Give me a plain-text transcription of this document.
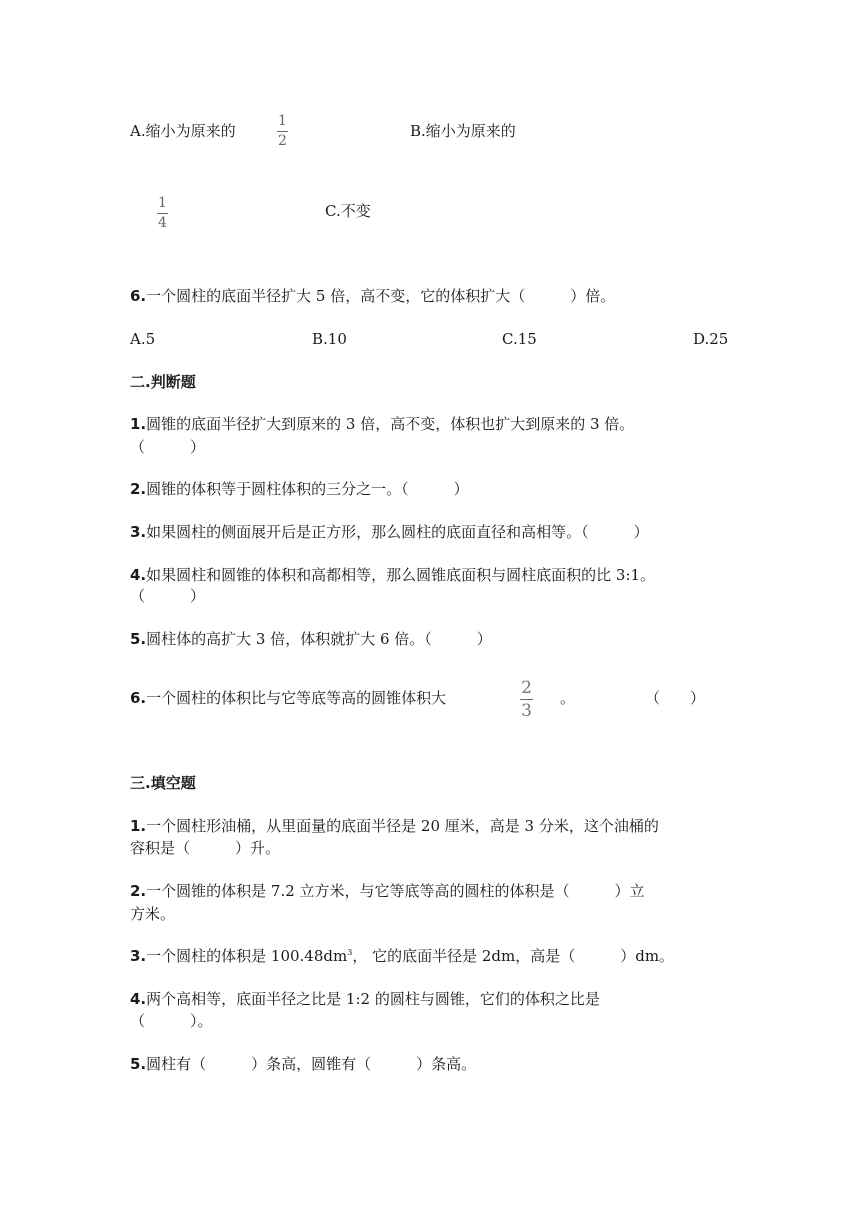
A.缩小为原来的
1
2
B.缩小为原来的
1
4
C.不变
6.一个圆柱的底面半径扩大 5 倍，高不变，它的体积扩大（　　　）倍。
A.5	B.10	C.15	D.25
二.判断题
1.圆锥的底面半径扩大到原来的 3 倍，高不变，体积也扩大到原来的 3 倍。
（　　　）
2.圆锥的体积等于圆柱体积的三分之一。（　　　）
3.如果圆柱的侧面展开后是正方形，那么圆柱的底面直径和高相等。（　　　）
4.如果圆柱和圆锥的体积和高都相等，那么圆锥底面积与圆柱底面积的比 3:1。
（　　　）
5.圆柱体的高扩大 3 倍，体积就扩大 6 倍。（　　　）
6.一个圆柱的体积比与它等底等高的圆锥体积大	2
3
。	（　　）
三.填空题
1.一个圆柱形油桶，从里面量的底面半径是 20 厘米，高是 3 分米，这个油桶的
容积是（　　　）升。
2.一个圆锥的体积是 7.2 立方米，与它等底等高的圆柱的体积是（　　　）立
方米。
3.一个圆柱的体积是 $100.48dm^3$， 它的底面半径是 2dm，高是（　　　）dm。
4.两个高相等，底面半径之比是 1:2 的圆柱与圆锥，它们的体积之比是
（　　　）。
5.圆柱有（　　　）条高，圆锥有（　　　）条高。
